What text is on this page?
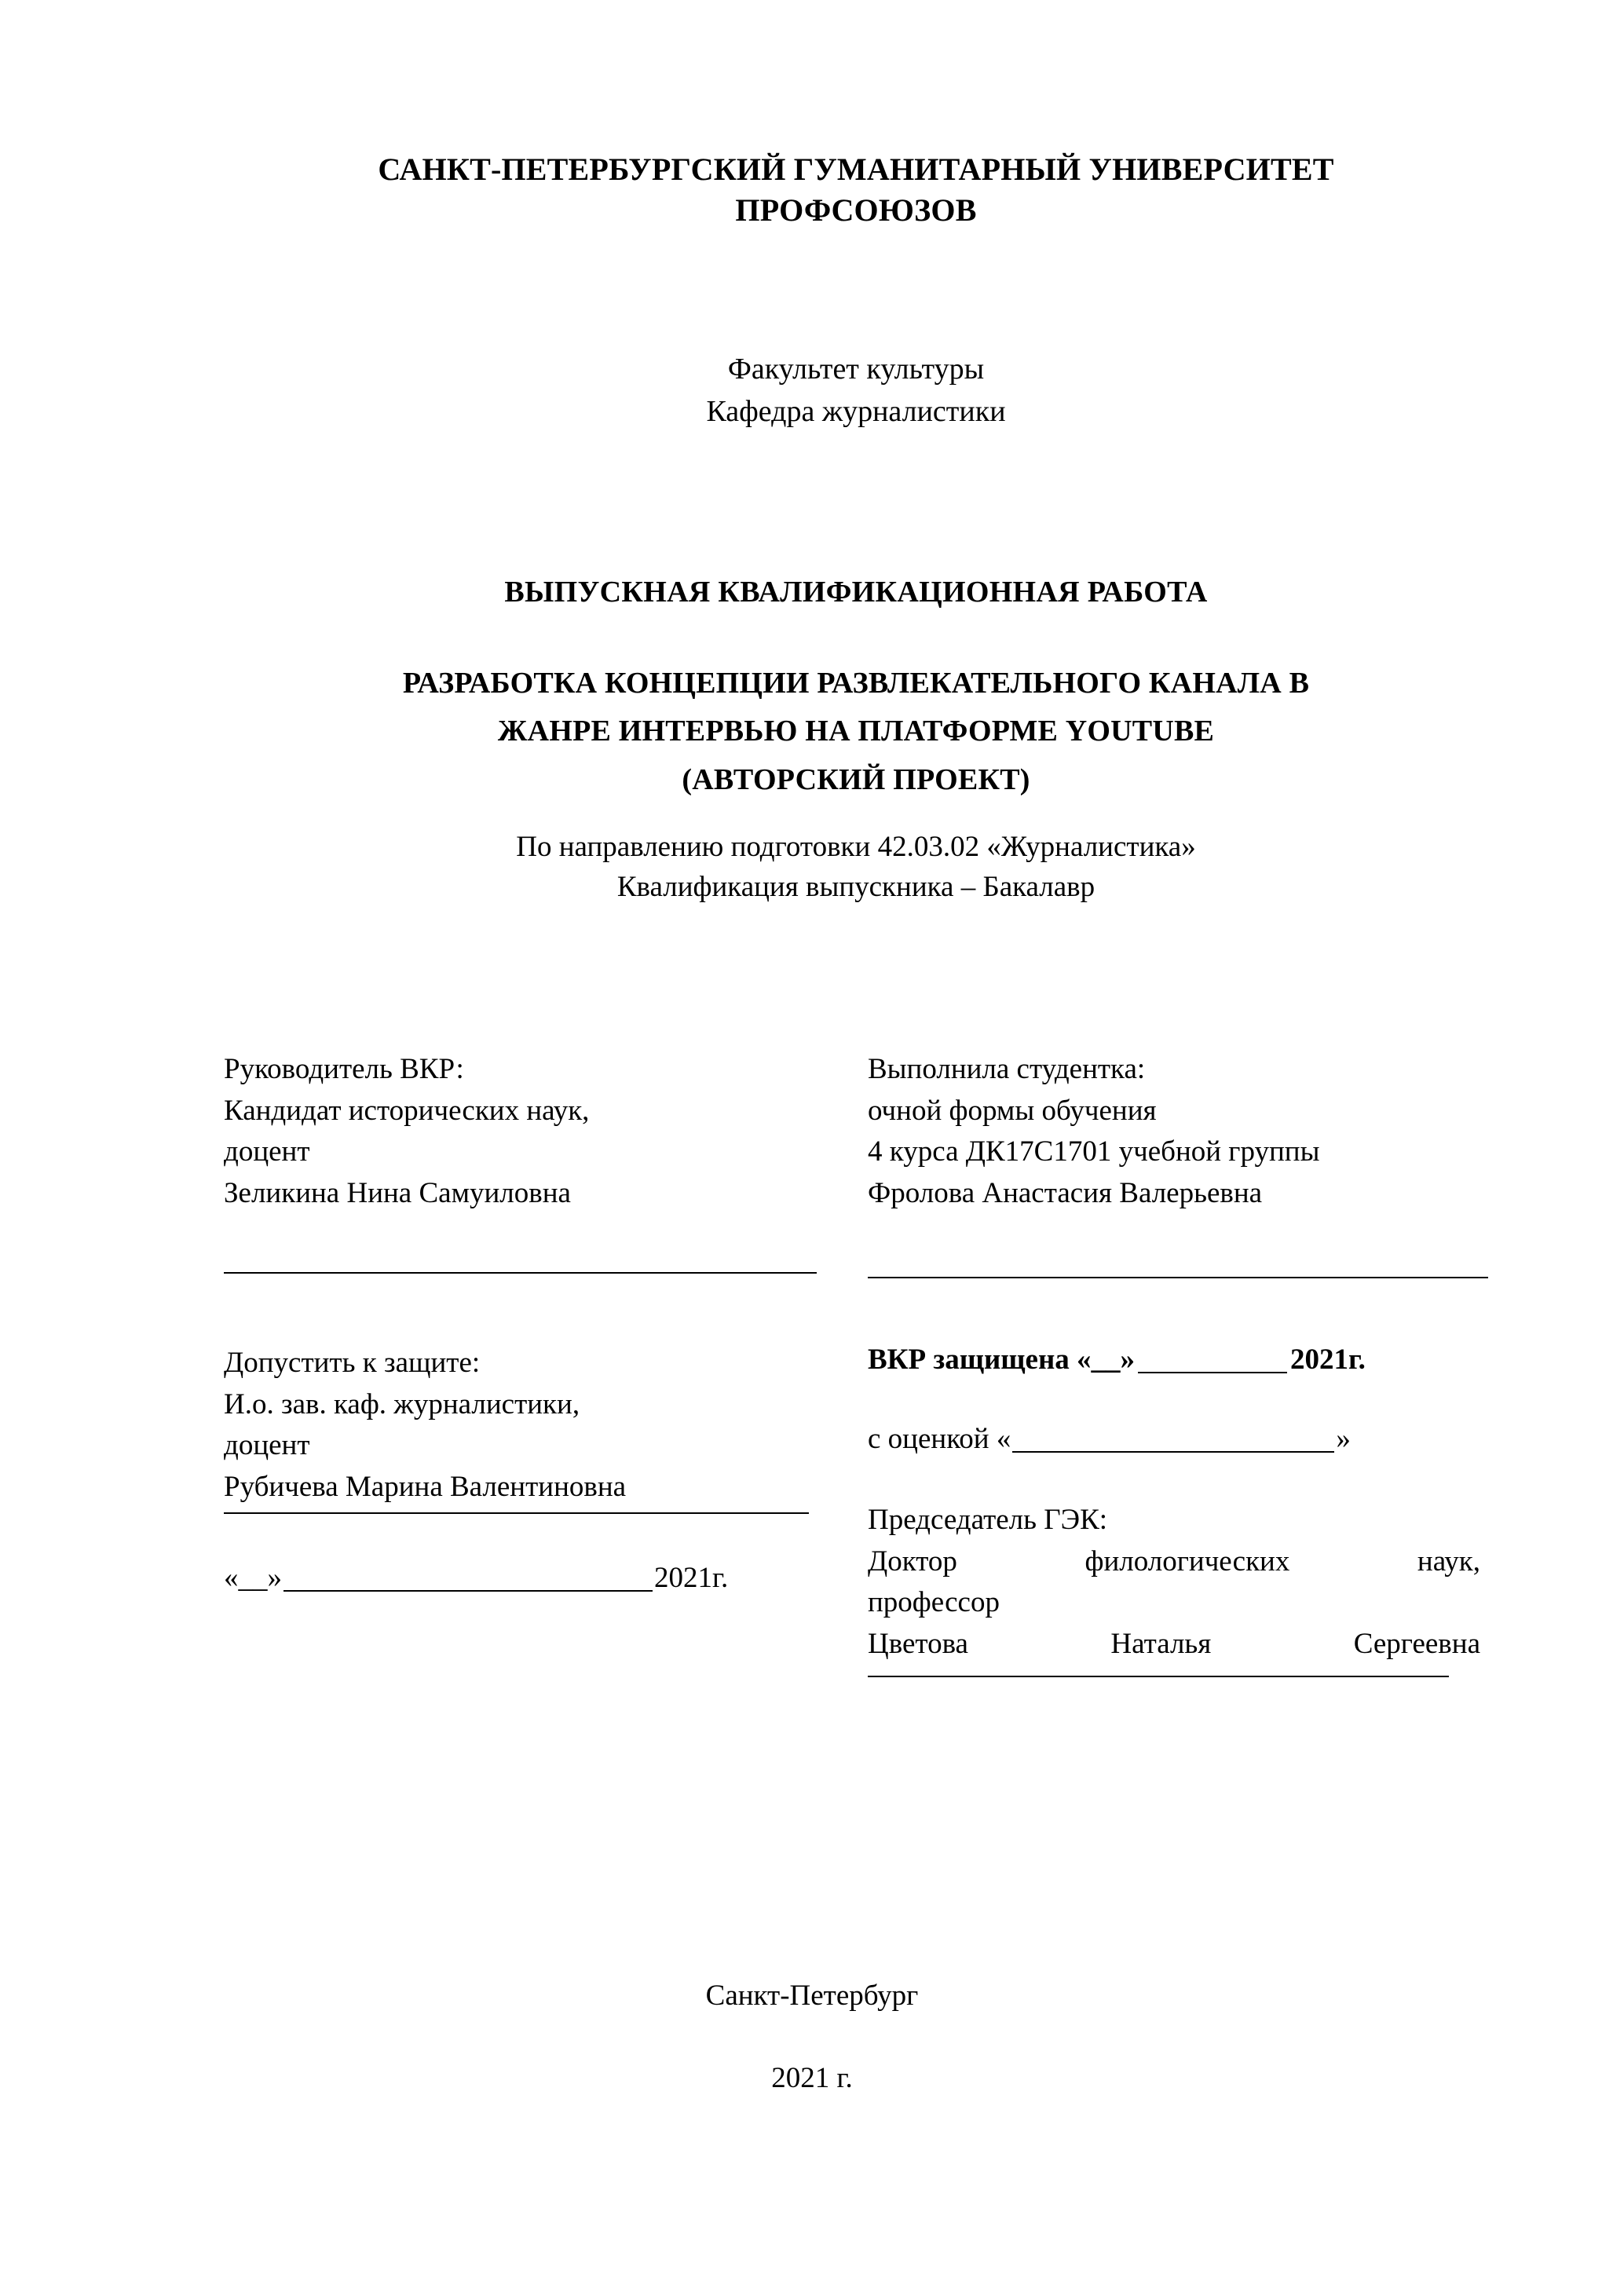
САНКТ-ПЕТЕРБУРГСКИЙ ГУМАНИТАРНЫЙ УНИВЕРСИТЕТ
ПРОФСОЮЗОВ
Факультет культуры
Кафедра журналистики
ВЫПУСКНАЯ КВАЛИФИКАЦИОННАЯ РАБОТА
РАЗРАБОТКА КОНЦЕПЦИИ РАЗВЛЕКАТЕЛЬНОГО КАНАЛА В
ЖАНРЕ ИНТЕРВЬЮ НА ПЛАТФОРМЕ YOUTUBE
(АВТОРСКИЙ ПРОЕКТ)
По направлению подготовки 42.03.02 «Журналистика»
Квалификация выпускника – Бакалавр
Руководитель ВКР:
Кандидат исторических наук,
доцент
Зеликина Нина Самуиловна
Выполнила студентка:
очной формы обучения
4 курса ДК17С1701 учебной группы
Фролова Анастасия Валерьевна
Допустить к защите:
И.о. зав. каф. журналистики,
доцент
Рубичева Марина Валентиновна
«__»	2021г.
ВКР защищена «__»	2021г.
с оценкой «	»
Председатель ГЭК:
Доктор	филологических	наук,
профессор
Цветова	Наталья	Сергеевна
Санкт-Петербург
2021 г.
